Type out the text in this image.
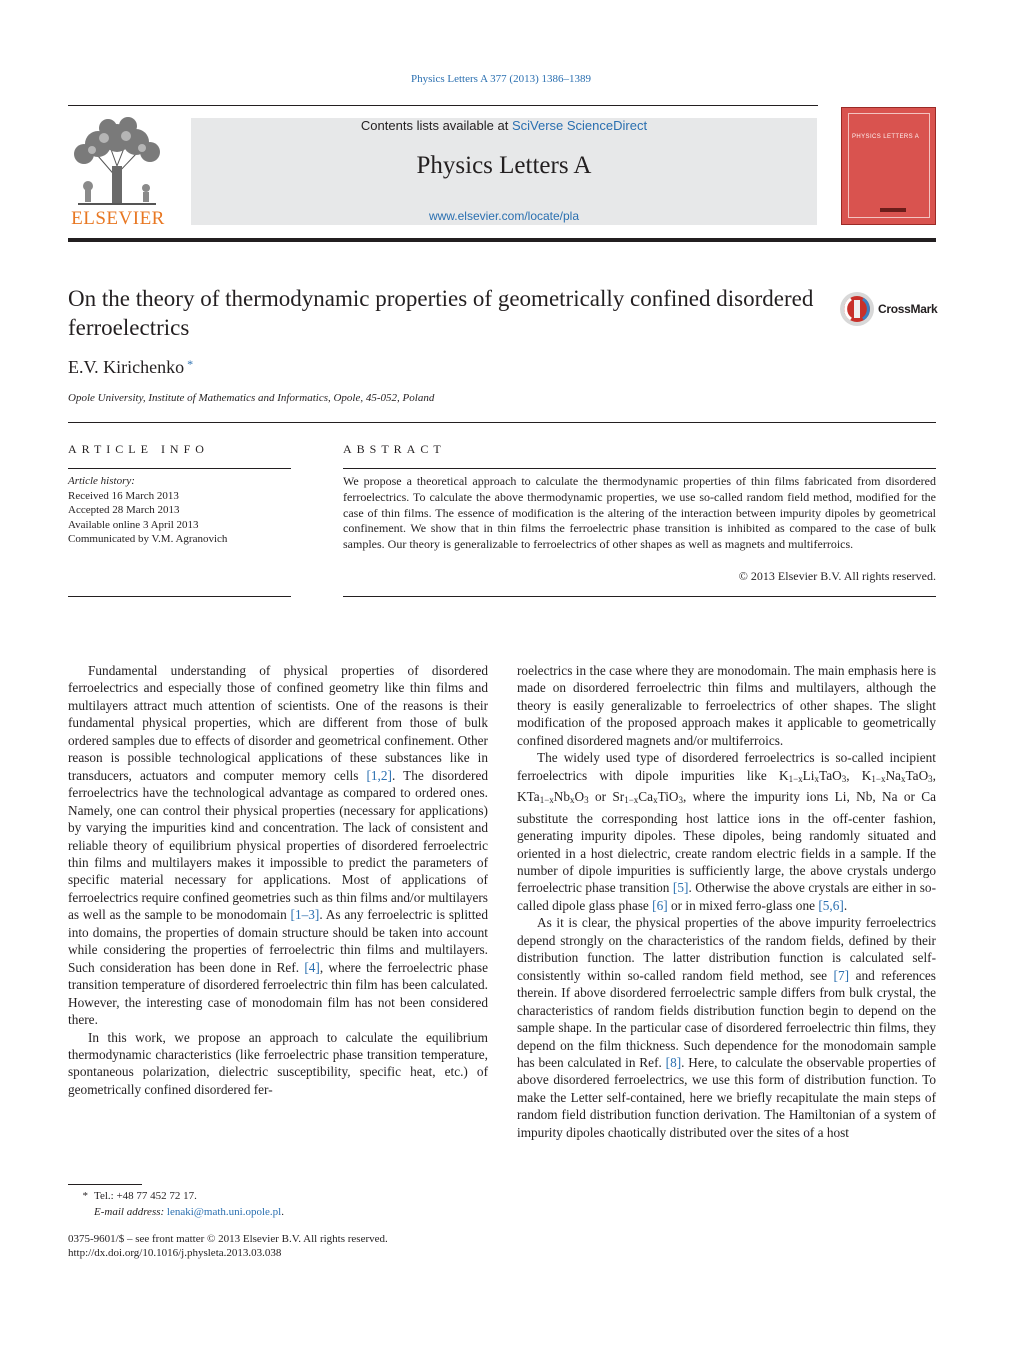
Physics Letters A 377 (2013) 1386–1389
ELSEVIER
Contents lists available at SciVerse ScienceDirect
Physics Letters A
www.elsevier.com/locate/pla
PHYSICS LETTERS A
On the theory of thermodynamic properties of geometrically confined disordered ferroelectrics
CrossMark
E.V. Kirichenko *
Opole University, Institute of Mathematics and Informatics, Opole, 45-052, Poland
ARTICLE INFO
Article history:
Received 16 March 2013
Accepted 28 March 2013
Available online 3 April 2013
Communicated by V.M. Agranovich
ABSTRACT
We propose a theoretical approach to calculate the thermodynamic properties of thin films fabricated from disordered ferroelectrics. To calculate the above thermodynamic properties, we use so-called random field method, modified for the case of thin films. The essence of modification is the altering of the interaction between impurity dipoles by geometrical confinement. We show that in thin films the ferroelectric phase transition is inhibited as compared to the case of bulk samples. Our theory is generalizable to ferroelectrics of other shapes as well as magnets and multiferroics.
© 2013 Elsevier B.V. All rights reserved.

Fundamental understanding of physical properties of disordered ferroelectrics and especially those of confined geometry like thin films and multilayers attract much attention of scientists. One of the reasons is their fundamental physical properties, which are different from those of bulk ordered samples due to effects of disorder and geometrical confinement. Other reason is possible technological applications of these substances like in transducers, actuators and computer memory cells [1,2]. The disordered ferroelectrics have the technological advantage as compared to ordered ones. Namely, one can control their physical properties (necessary for applications) by varying the impurities kind and concentration. The lack of consistent and reliable theory of equilibrium physical properties of disordered ferroelectric thin films and multilayers makes it impossible to predict the parameters of specific material necessary for applications. Most of applications of ferroelectrics require confined geometries such as thin films and/or multilayers as well as the sample to be monodomain [1–3]. As any ferroelectric is splitted into domains, the properties of domain structure should be taken into account while considering the properties of ferroelectric thin films and multilayers. Such consideration has been done in Ref. [4], where the ferroelectric phase transition temperature of disordered ferroelectric thin film has been calculated. However, the interesting case of monodomain film has not been considered there.

In this work, we propose an approach to calculate the equilibrium thermodynamic characteristics (like ferroelectric phase transition temperature, spontaneous polarization, dielectric susceptibility, specific heat, etc.) of geometrically confined disordered fer-

roelectrics in the case where they are monodomain. The main emphasis here is made on disordered ferroelectric thin films and multilayers, although the theory is easily generalizable to ferroelectrics of other shapes. The slight modification of the proposed approach makes it applicable to geometrically confined disordered magnets and/or multiferroics.

The widely used type of disordered ferroelectrics is so-called incipient ferroelectrics with dipole impurities like $K_{1-x}Li_xTaO_3$, $K_{1-x}Na_xTaO_3$, $KTa_{1-x}Nb_xO_3$ or $Sr_{1-x}Ca_xTiO_3$, where the impurity ions Li, Nb, Na or Ca substitute the corresponding host lattice ions in the off-center fashion, generating impurity dipoles. These dipoles, being randomly situated and oriented in a host dielectric, create random electric fields in a sample. If the number of dipole impurities is sufficiently large, the above crystals undergo ferroelectric phase transition [5]. Otherwise the above crystals are either in so-called dipole glass phase [6] or in mixed ferro-glass one [5,6].

As it is clear, the physical properties of the above impurity ferroelectrics depend strongly on the characteristics of the random fields, defined by their distribution function. The latter distribution function is calculated self-consistently within so-called random field method, see [7] and references therein. If above disordered ferroelectric sample differs from bulk crystal, the characteristics of random fields distribution function begin to depend on the sample shape. In the particular case of disordered ferroelectric thin films, they depend on the film thickness. Such dependence for the monodomain sample has been calculated in Ref. [8]. Here, to calculate the observable properties of above disordered ferroelectrics, we use this form of distribution function. To make the Letter self-contained, here we briefly recapitulate the main steps of random field distribution function derivation. The Hamiltonian of a system of impurity dipoles chaotically distributed over the sites of a host

* Tel.: +48 77 452 72 17.
E-mail address: lenaki@math.uni.opole.pl.
0375-9601/$ – see front matter © 2013 Elsevier B.V. All rights reserved.
http://dx.doi.org/10.1016/j.physleta.2013.03.038
